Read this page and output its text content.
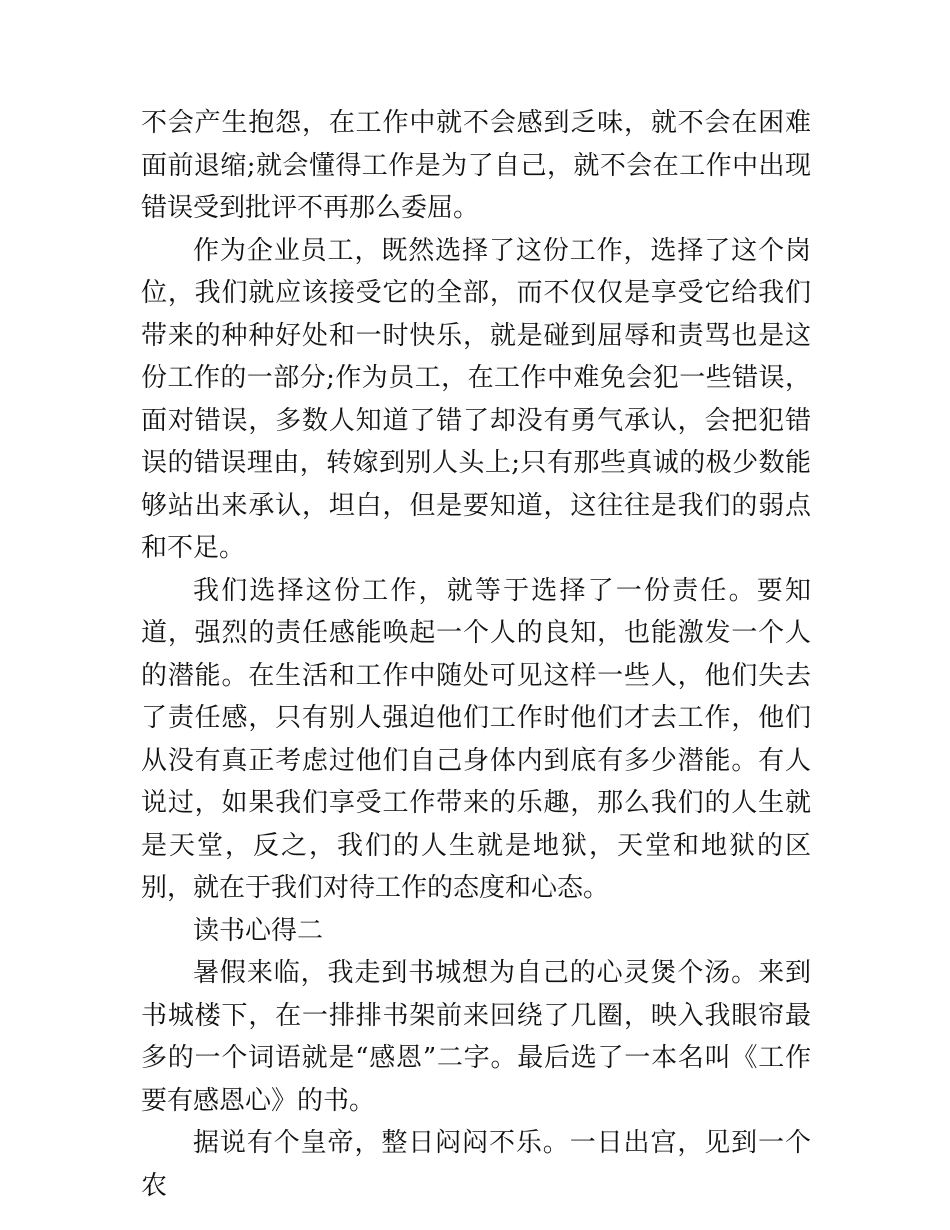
不会产生抱怨，在工作中就不会感到乏味，就不会在困难面前退缩;就会懂得工作是为了自己，就不会在工作中出现错误受到批评不再那么委屈。

作为企业员工，既然选择了这份工作，选择了这个岗位，我们就应该接受它的全部，而不仅仅是享受它给我们带来的种种好处和一时快乐，就是碰到屈辱和责骂也是这份工作的一部分;作为员工，在工作中难免会犯一些错误，面对错误，多数人知道了错了却没有勇气承认，会把犯错误的错误理由，转嫁到别人头上;只有那些真诚的极少数能够站出来承认，坦白，但是要知道，这往往是我们的弱点和不足。

我们选择这份工作，就等于选择了一份责任。要知道，强烈的责任感能唤起一个人的良知，也能激发一个人的潜能。在生活和工作中随处可见这样一些人，他们失去了责任感，只有别人强迫他们工作时他们才去工作，他们从没有真正考虑过他们自己身体内到底有多少潜能。有人说过，如果我们享受工作带来的乐趣，那么我们的人生就是天堂，反之，我们的人生就是地狱，天堂和地狱的区别，就在于我们对待工作的态度和心态。

读书心得二

暑假来临，我走到书城想为自己的心灵煲个汤。来到书城楼下，在一排排书架前来回绕了几圈，映入我眼帘最多的一个词语就是“感恩”二字。最后选了一本名叫《工作要有感恩心》的书。

据说有个皇帝，整日闷闷不乐。一日出宫，见到一个农
